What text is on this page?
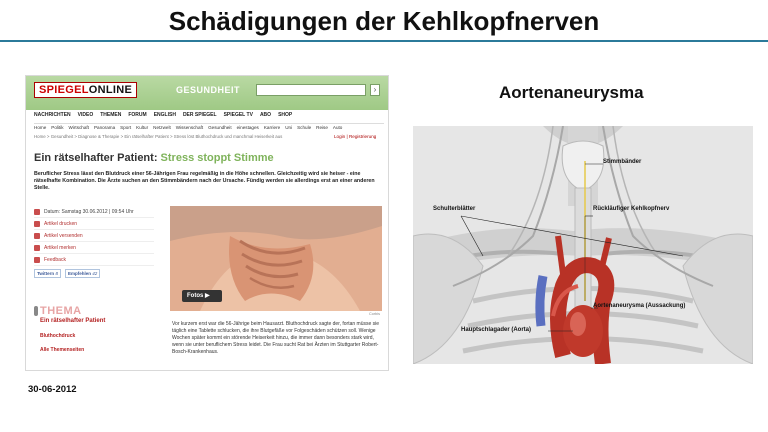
Schädigungen der Kehlkopfnerven
SPIEGELONLINE	GESUNDHEIT	›
NACHRICHTEN VIDEO THEMEN FORUM ENGLISH DER SPIEGEL SPIEGEL TV ABO SHOP
Home Politik Wirtschaft Panorama Sport Kultur Netzwelt Wissenschaft Gesundheit einestages Karriere Uni Schule Reise Auto
Home > Gesundheit > Diagnose & Therapie > Ein rätselhafter Patient > Stress löst Bluthochdruck und manchmal Heiserkeit aus	Login | Registrierung
Ein rätselhafter Patient: Stress stoppt Stimme
Beruflicher Stress lässt den Blutdruck einer 56-Jährigen Frau regelmäßig in die Höhe schnellen. Gleichzeitig wird sie heiser - eine rätselhafte Kombination. Die Ärzte suchen an den Stimmbändern nach der Ursache. Fündig werden sie allerdings erst an einer anderen Stelle.
Datum: Samstag 30.06.2012 | 09:54 Uhr
Artikel drucken
Artikel versenden
Artikel merken
Feedback
Twittern 8	Empfehlen 42
THEMA
Ein rätselhafter Patient
Bluthochdruck
Alle Themenseiten
Fotos ▶
Corbis
Vor kurzem erst war die 56-Jährige beim Hausarzt. Bluthochdruck sagte der, fortan müsse sie täglich eine Tablette schlucken, die ihre Blutgefäße vor Folgeschäden schützen soll. Wenige Wochen später kommt ein störende Heiserkeit hinzu, die immer dann besonders stark wird, wenn sie unter beruflichem Stress leidet. Die Frau sucht Rat bei Ärzten im Stuttgarter Robert-Bosch-Krankenhaus.
30-06-2012
Aortenaneurysma
Stimmbänder
Schulterblätter	Rückläufiger Kehlkopfnerv
Aortenaneurysma (Aussackung)
Hauptschlagader (Aorta)
